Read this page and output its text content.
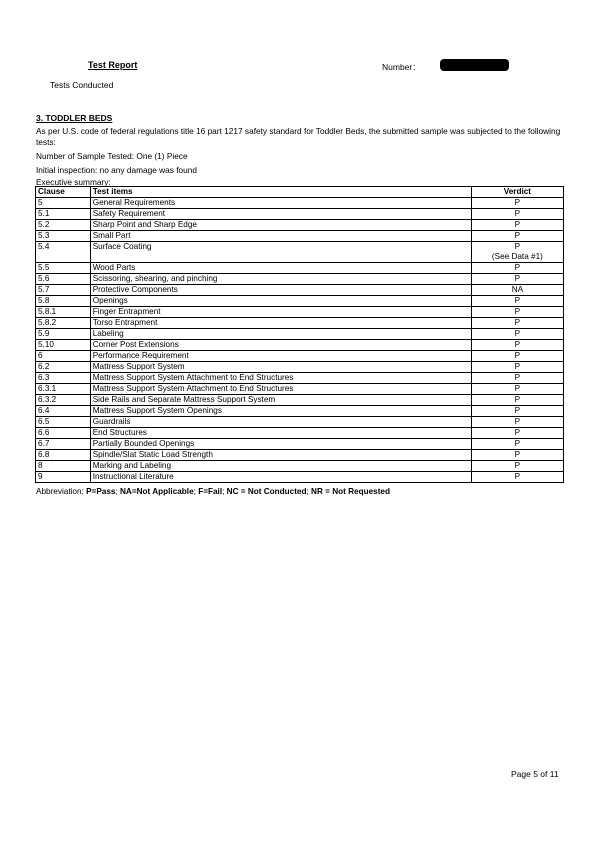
Test Report	Number：
Tests Conducted
3. TODDLER BEDS
As per U.S. code of federal regulations title 16 part 1217 safety standard for Toddler Beds, the submitted sample was subjected to the following tests:
Number of Sample Tested: One (1) Piece
Initial inspection: no any damage was found
Executive summary:
Clause	Test items	Verdict
5	General Requirements	P

5.1	Safety Requirement	P

5.2	Sharp Point and Sharp Edge	P

5.3	Small Part	P

5.4	Surface Coating	P
(See Data #1)

5.5	Wood Parts	P

5.6	Scissoring, shearing, and pinching	P

5.7	Protective Components	NA

5.8	Openings	P

5.8.1	Finger Entrapment	P

5.8.2	Torso Entrapment	P

5.9	Labeling	P

5.10	Corner Post Extensions	P

6	Performance Requirement	P

6.2	Mattress Support System	P

6.3	Mattress Support System Attachment to End Structures	P

6.3.1	Mattress Support System Attachment to End Structures	P

6.3.2	Side Rails and Separate Mattress Support System	P

6.4	Mattress Support System Openings	P

6.5	Guardrails	P

6.6	End Structures	P

6.7	Partially Bounded Openings	P

6.8	Spindle/Slat Static Load Strength	P

8	Marking and Labeling	P

9	Instructional Literature	P
Abbreviation: P=Pass; NA=Not Applicable; F=Fail; NC = Not Conducted; NR = Not Requested
Page 5 of 11
